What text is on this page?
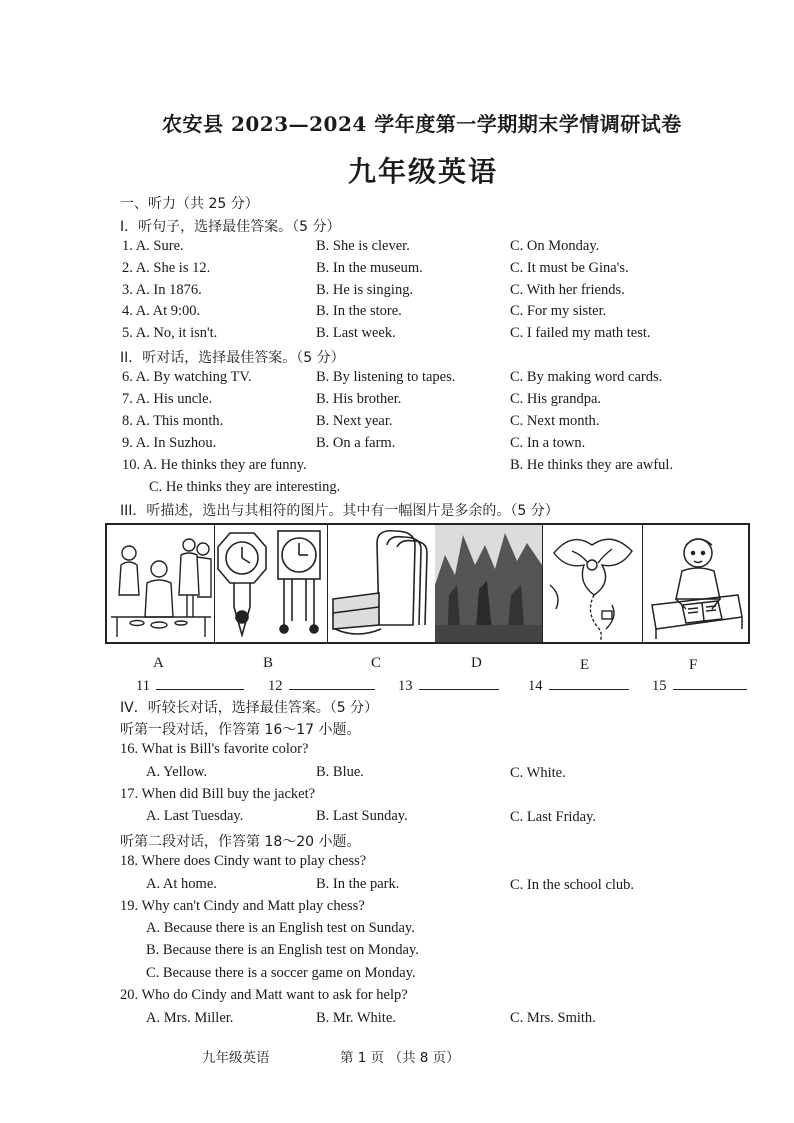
农安县 2023—2024 学年度第一学期期末学情调研试卷
九年级英语
一、听力（共 25 分）
I．听句子，选择最佳答案。（5 分）
1. A. Sure.	B. She is clever.	C. On Monday.
2. A. She is 12.	B. In the museum.	C. It must be Gina's.
3. A. In 1876.	B. He is singing.	C. With her friends.
4. A. At 9:00.	B. In the store.	C. For my sister.
5. A. No, it isn't.	B. Last week.	C. I failed my math test.
II．听对话，选择最佳答案。（5 分）
6. A. By watching TV.	B. By listening to tapes.	C. By making word cards.
7. A. His uncle.	B. His brother.	C. His grandpa.
8. A. This month.	B. Next year.	C. Next month.
9. A. In Suzhou.	B. On a farm.	C. In a town.
10. A. He thinks they are funny.	B. He thinks they are awful.
C. He thinks they are interesting.
III．听描述，选出与其相符的图片。其中有一幅图片是多余的。（5 分）
A	B	C	D	E	F
11	12	13	14	15
IV．听较长对话，选择最佳答案。（5 分）
听第一段对话，作答第 16～17 小题。
16. What is Bill's favorite color?
A. Yellow.	B. Blue.	C. White.
17. When did Bill buy the jacket?
A. Last Tuesday.	B. Last Sunday.	C. Last Friday.
听第二段对话，作答第 18～20 小题。
18. Where does Cindy want to play chess?
A. At home.	B. In the park.	C. In the school club.
19. Why can't Cindy and Matt play chess?
A. Because there is an English test on Sunday.
B. Because there is an English test on Monday.
C. Because there is a soccer game on Monday.
20. Who do Cindy and Matt want to ask for help?
A. Mrs. Miller.	B. Mr. White.	C. Mrs. Smith.
九年级英语	第 1 页 （共 8 页）
